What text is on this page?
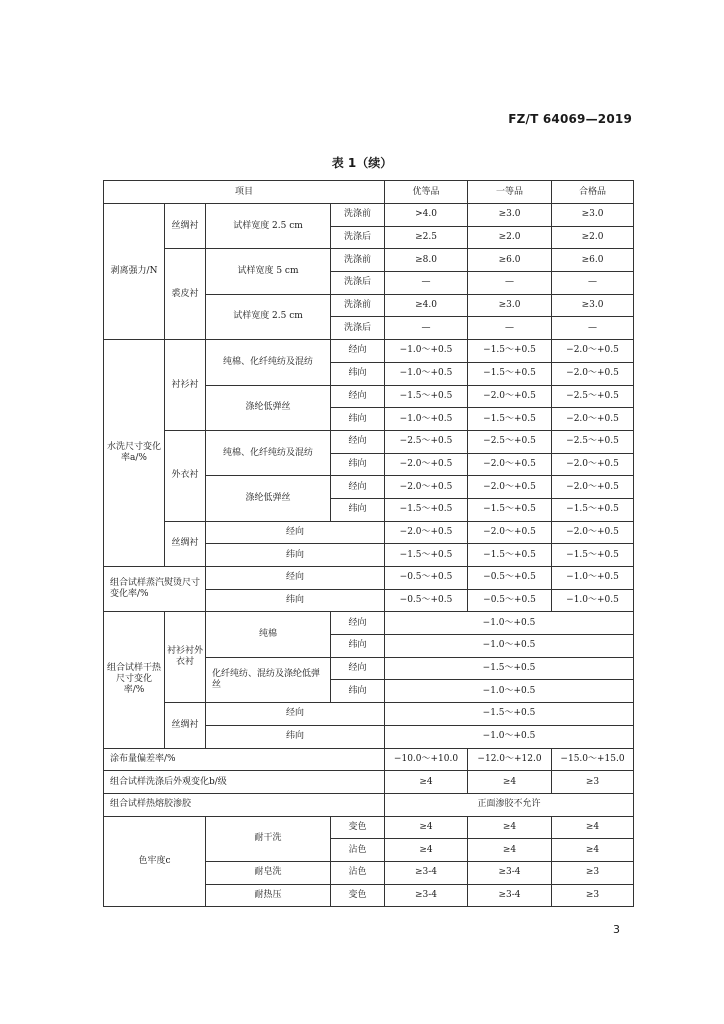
FZ/T 64069—2019
表 1（续）
项目				优等品	一等品	合格品
剥离强力/N	丝绸衬	试样宽度 2.5 cm	洗涤前	>4.0	≥3.0	≥3.0
			洗涤后	≥2.5	≥2.0	≥2.0
	裘皮衬	试样宽度 5 cm	洗涤前	≥8.0	≥6.0	≥6.0
			洗涤后	—	—	—
		试样宽度 2.5 cm	洗涤前	≥4.0	≥3.0	≥3.0
			洗涤后	—	—	—
水洗尺寸变化率a/%	衬衫衬	纯棉、化纤纯纺及混纺	经向	−1.0～+0.5	−1.5～+0.5	−2.0～+0.5
			纬向	−1.0～+0.5	−1.5～+0.5	−2.0～+0.5
		涤纶低弹丝	经向	−1.5～+0.5	−2.0～+0.5	−2.5～+0.5
			纬向	−1.0～+0.5	−1.5～+0.5	−2.0～+0.5
	外衣衬	纯棉、化纤纯纺及混纺	经向	−2.5～+0.5	−2.5～+0.5	−2.5～+0.5
			纬向	−2.0～+0.5	−2.0～+0.5	−2.0～+0.5
		涤纶低弹丝	经向	−2.0～+0.5	−2.0～+0.5	−2.0～+0.5
			纬向	−1.5～+0.5	−1.5～+0.5	−1.5～+0.5
	丝绸衬	经向		−2.0～+0.5	−2.0～+0.5	−2.0～+0.5
		纬向		−1.5～+0.5	−1.5～+0.5	−1.5～+0.5
组合试样蒸汽熨烫尺寸变化率/%		经向		−0.5～+0.5	−0.5～+0.5	−1.0～+0.5
		纬向		−0.5～+0.5	−0.5～+0.5	−1.0～+0.5
组合试样干热尺寸变化率/%	衬衫衬外衣衬	纯棉	经向	−1.0～+0.5		
			纬向	−1.0～+0.5		
		化纤纯纺、混纺及涤纶低弹丝	经向	−1.5～+0.5		
			纬向	−1.0～+0.5		
	丝绸衬	经向		−1.5～+0.5		
		纬向		−1.0～+0.5		
涂布量偏差率/%				−10.0～+10.0	−12.0～+12.0	−15.0～+15.0
组合试样洗涤后外观变化b/级				≥4	≥4	≥3
组合试样热熔胶渗胶				正面渗胶不允许		
色牢度c		耐干洗	变色	≥4	≥4	≥4
			沾色	≥4	≥4	≥4
		耐皂洗	沾色	≥3-4	≥3-4	≥3
		耐热压	变色	≥3-4	≥3-4	≥3
3
